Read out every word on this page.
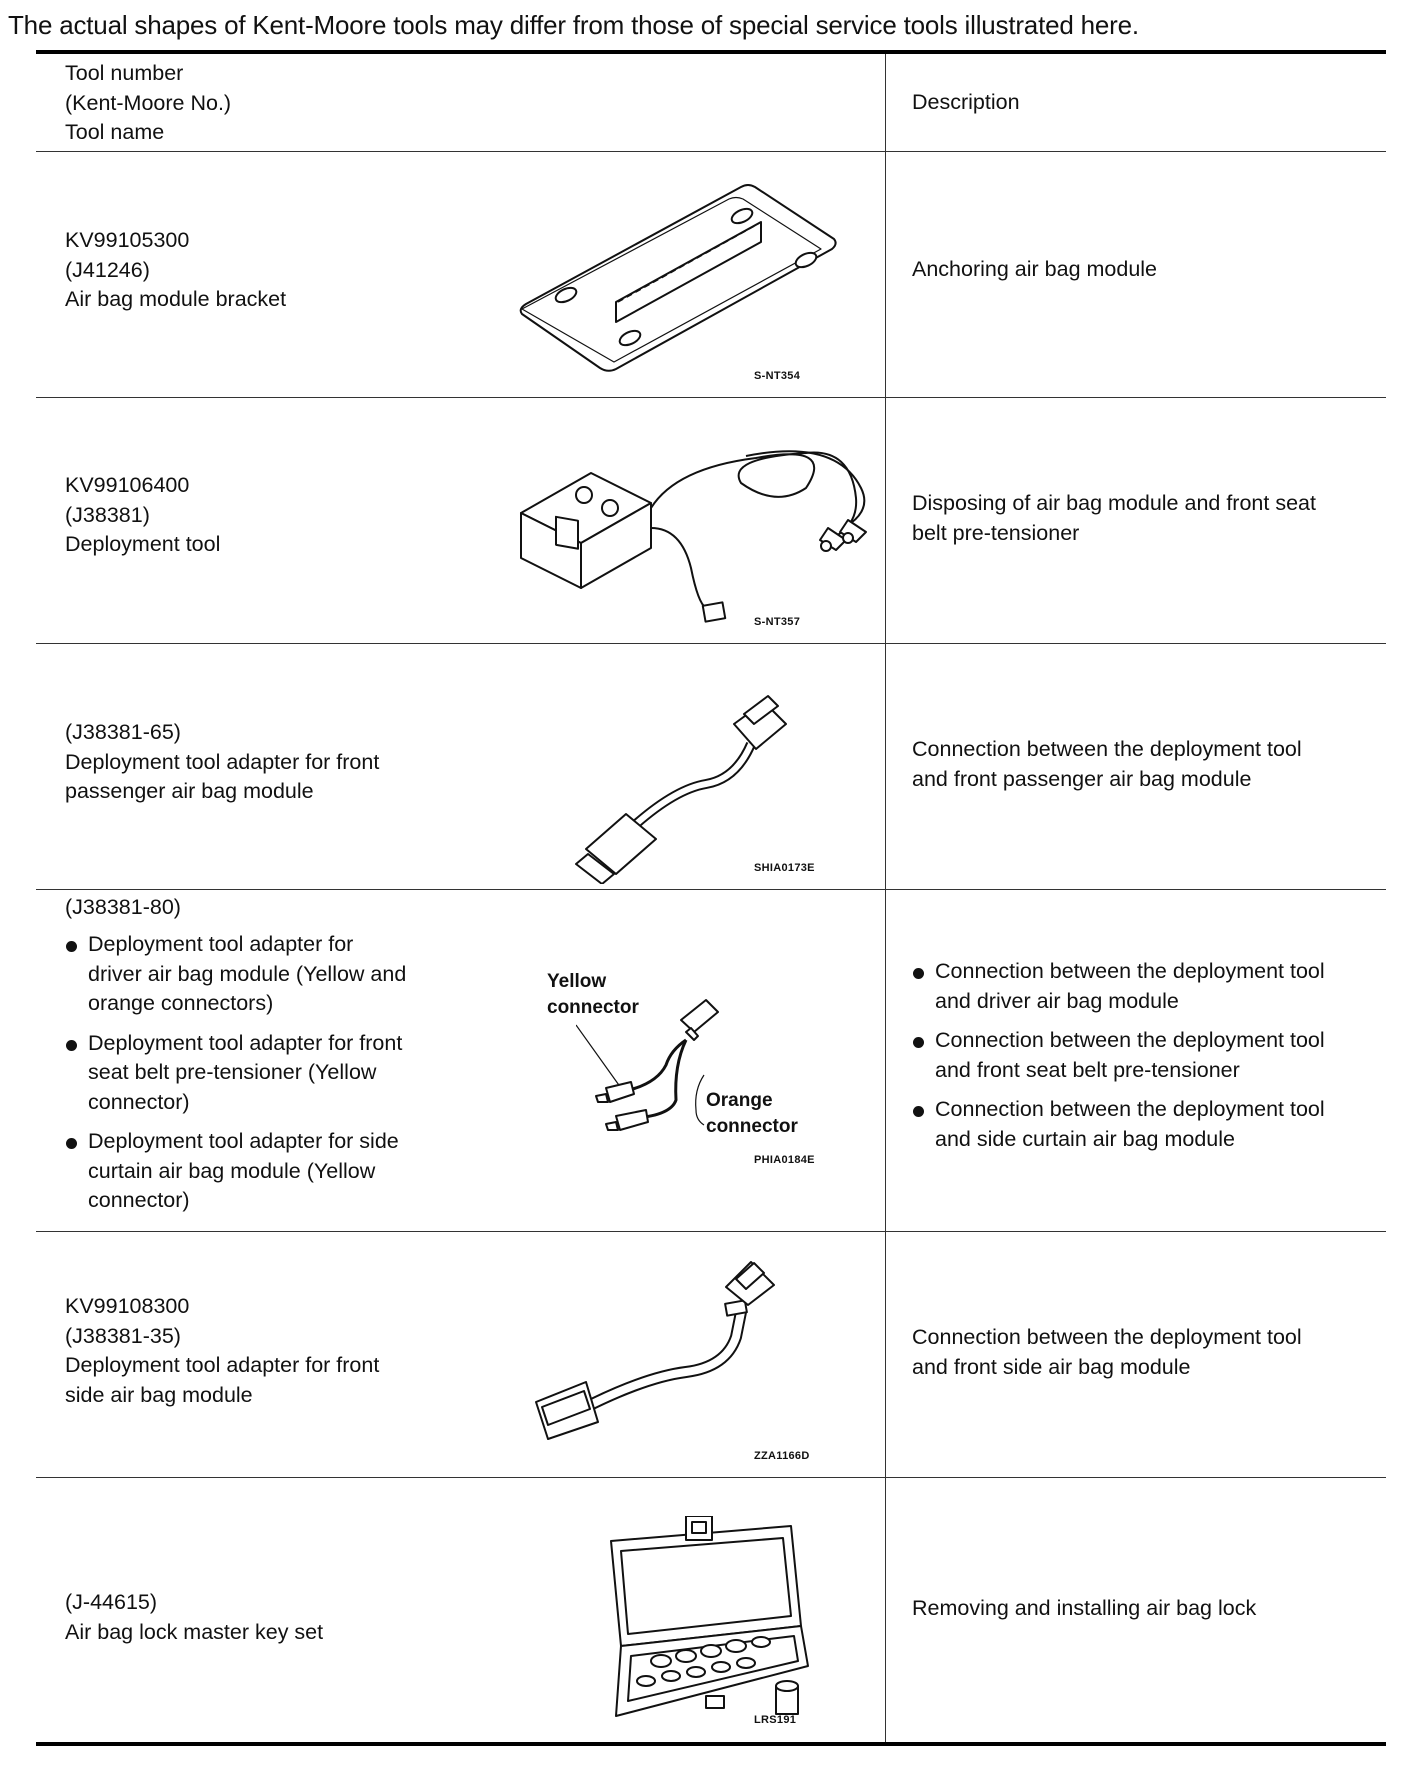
The actual shapes of Kent-Moore tools may differ from those of special service tools illustrated here.
Tool number
(Kent-Moore No.)
Tool name
Description
KV99105300
(J41246)
Air bag module bracket
S-NT354
Anchoring air bag module
KV99106400
(J38381)
Deployment tool
S-NT357
Disposing of air bag module and front seat
belt pre-tensioner
(J38381-65)
Deployment tool adapter for front
passenger air bag module
SHIA0173E
Connection between the deployment tool
and front passenger air bag module
(J38381-80)
Deployment tool adapter for
driver air bag module (Yellow and
orange connectors)
Deployment tool adapter for front
seat belt pre-tensioner (Yellow
connector)
Deployment tool adapter for side
curtain air bag module (Yellow
connector)
Yellow
connector
Orange
connector
PHIA0184E
Connection between the deployment tool
and driver air bag module
Connection between the deployment tool
and front seat belt pre-tensioner
Connection between the deployment tool
and side curtain air bag module
KV99108300
(J38381-35)
Deployment tool adapter for front
side air bag module
ZZA1166D
Connection between the deployment tool
and front side air bag module
(J-44615)
Air bag lock master key set
LRS191
Removing and installing air bag lock
